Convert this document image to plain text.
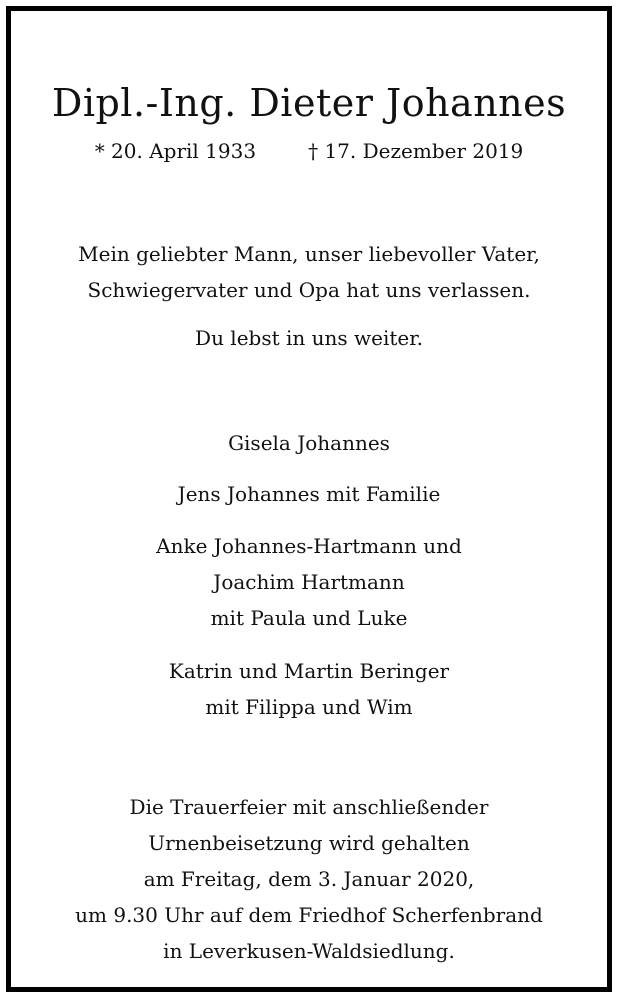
Dipl.-Ing. Dieter Johannes
* 20. April 1933	† 17. Dezember 2019
Mein geliebter Mann, unser liebevoller Vater,
Schwiegervater und Opa hat uns verlassen.
Du lebst in uns weiter.
Gisela Johannes
Jens Johannes mit Familie
Anke Johannes-Hartmann und
Joachim Hartmann
mit Paula und Luke
Katrin und Martin Beringer
mit Filippa und Wim
Die Trauerfeier mit anschließender
Urnenbeisetzung wird gehalten
am Freitag, dem 3. Januar 2020,
um 9.30 Uhr auf dem Friedhof Scherfenbrand
in Leverkusen-Waldsiedlung.
